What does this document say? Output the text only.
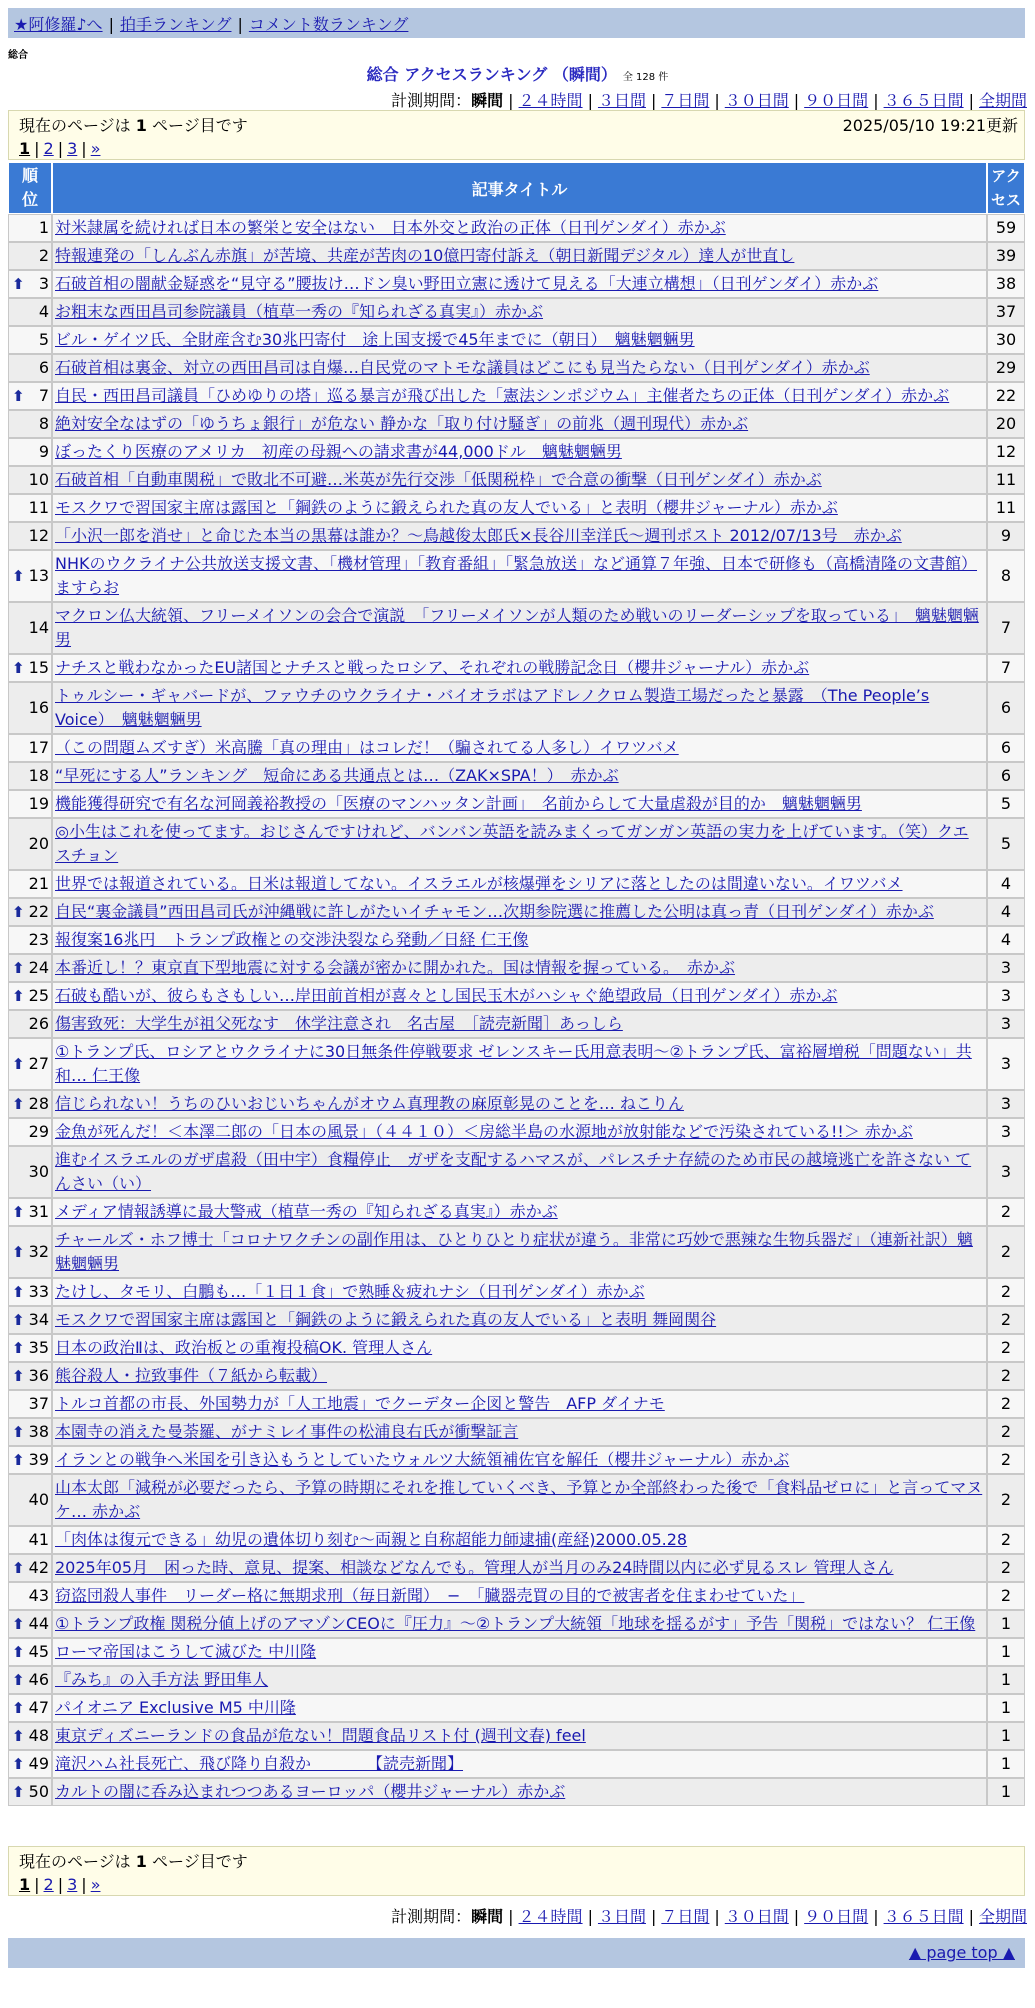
★阿修羅♪へ | 拍手ランキング | コメント数ランキング
総合
総合 アクセスランキング （瞬間） 全 128 件
計測期間：瞬間 | ２４時間 | ３日間 | ７日間 | ３０日間 | ９０日間 | ３６５日間 | 全期間
現在のページは 1 ページ目です	2025/05/10 19:21更新
1 | 2 | 3 | »
順位	記事タイトル	アクセス
1	対米隷属を続ければ日本の繁栄と安全はない　日本外交と政治の正体（日刊ゲンダイ）赤かぶ	59
2	特報連発の「しんぶん赤旗」が苦境、共産が苦肉の10億円寄付訴え（朝日新聞デジタル）達人が世直し	39

⬆ 3	石破首相の闇献金疑惑を“見守る”腰抜け…ドン臭い野田立憲に透けて見える「大連立構想」（日刊ゲンダイ）赤かぶ	38
4	お粗末な西田昌司参院議員（植草一秀の『知られざる真実』）赤かぶ	37
5	ビル・ゲイツ氏、全財産含む30兆円寄付　途上国支援で45年までに（朝日）　魑魅魍魎男	30
6	石破首相は裏金、対立の西田昌司は自爆…自民党のマトモな議員はどこにも見当たらない（日刊ゲンダイ）赤かぶ	29

⬆ 7	自民・西田昌司議員「ひめゆりの塔」巡る暴言が飛び出した「憲法シンポジウム」主催者たちの正体（日刊ゲンダイ）赤かぶ	22
8	絶対安全なはずの「ゆうちょ銀行」が危ない 静かな「取り付け騒ぎ」の前兆（週刊現代）赤かぶ	20
9	ぼったくり医療のアメリカ　初産の母親への請求書が44,000ドル　魑魅魍魎男	12
10	石破首相「自動車関税」で敗北不可避…米英が先行交渉「低関税枠」で合意の衝撃（日刊ゲンダイ）赤かぶ	11
11	モスクワで習国家主席は露国と「鋼鉄のように鍛えられた真の友人でいる」と表明（櫻井ジャーナル）赤かぶ	11
12	「小沢一郎を消せ」と命じた本当の黒幕は誰か？〜鳥越俊太郎氏×長谷川幸洋氏〜週刊ポスト 2012/07/13号　赤かぶ	9

⬆ 13	NHKのウクライナ公共放送支援文書、「機材管理」「教育番組」「緊急放送」など通算７年強、日本で研修も（高橋清隆の文書館）ますらお	8
14	マクロン仏大統領、フリーメイソンの会合で演説　「フリーメイソンが人類のため戦いのリーダーシップを取っている」　魑魅魍魎男	7

⬆ 15	ナチスと戦わなかったEU諸国とナチスと戦ったロシア、それぞれの戦勝記念日（櫻井ジャーナル）赤かぶ	7
16	トゥルシー・ギャバードが、ファウチのウクライナ・バイオラボはアドレノクロム製造工場だったと暴露　（The People’s Voice）　魑魅魍魎男	6
17	（この問題ムズすぎ）米高騰「真の理由」はコレだ！（騙されてる人多し）イワツバメ	6
18	“早死にする人”ランキング　短命にある共通点とは…（ZAK×SPA！）　赤かぶ	6
19	機能獲得研究で有名な河岡義裕教授の「医療のマンハッタン計画」　名前からして大量虐殺が目的か　魑魅魍魎男	5
20	◎小生はこれを使ってます。おじさんですけれど、バンバン英語を読みまくってガンガン英語の実力を上げています。（笑）クエスチョン	5
21	世界では報道されている。日米は報道してない。イスラエルが核爆弾をシリアに落としたのは間違いない。イワツバメ	4

⬆ 22	自民“裏金議員”西田昌司氏が沖縄戦に許しがたいイチャモン…次期参院選に推薦した公明は真っ青（日刊ゲンダイ）赤かぶ	4
23	報復案16兆円　トランプ政権との交渉決裂なら発動／日経 仁王像	4

⬆ 24	本番近し！？東京直下型地震に対する会議が密かに開かれた。国は情報を握っている。　赤かぶ	3

⬆ 25	石破も酷いが、彼らもさもしい…岸田前首相が喜々とし国民玉木がハシャぐ絶望政局（日刊ゲンダイ）赤かぶ	3
26	傷害致死：大学生が祖父死なす　休学注意され　名古屋　［読売新聞］あっしら	3

⬆ 27	①トランプ氏、ロシアとウクライナに30日無条件停戦要求 ゼレンスキー氏用意表明〜②トランプ氏、富裕層増税「問題ない」共和… 仁王像	3

⬆ 28	信じられない！うちのひいおじいちゃんがオウム真理教の麻原彰晃のことを… ねこりん	3
29	金魚が死んだ！＜本澤二郎の「日本の風景」（４４１０）＜房総半島の水源地が放射能などで汚染されている!!＞ 赤かぶ	3
30	進むイスラエルのガザ虐殺（田中宇）食糧停止　ガザを支配するハマスが、パレスチナ存続のため市民の越境逃亡を許さない てんさい（い）	3

⬆ 31	メディア情報誘導に最大警戒（植草一秀の『知られざる真実』）赤かぶ	2

⬆ 32	チャールズ・ホフ博士「コロナワクチンの副作用は、ひとりひとり症状が違う。非常に巧妙で悪辣な生物兵器だ」（連新社訳）魑魅魍魎男	2

⬆ 33	たけし、タモリ、白鵬も…「１日１食」で熟睡＆疲れナシ（日刊ゲンダイ）赤かぶ	2

⬆ 34	モスクワで習国家主席は露国と「鋼鉄のように鍛えられた真の友人でいる」と表明 舞岡関谷	2

⬆ 35	日本の政治Ⅱは、政治板との重複投稿OK. 管理人さん	2

⬆ 36	熊谷殺人・拉致事件（７紙から転載）	2
37	トルコ首都の市長、外国勢力が「人工地震」でクーデター企図と警告　AFP ダイナモ	2

⬆ 38	本園寺の消えた曼荼羅、がナミレイ事件の松浦良右氏が衝撃証言	2

⬆ 39	イランとの戦争へ米国を引き込もうとしていたウォルツ大統領補佐官を解任（櫻井ジャーナル）赤かぶ	2
40	山本太郎「減税が必要だったら、予算の時期にそれを推していくべき、予算とか全部終わった後で「食料品ゼロに」と言ってマヌケ… 赤かぶ	2
41	「肉体は復元できる」幼児の遺体切り刻む〜両親と自称超能力師逮捕(産経)2000.05.28	2

⬆ 42	2025年05月　困った時、意見、提案、相談などなんでも。管理人が当月のみ24時間以内に必ず見るスレ 管理人さん	2
43	窃盗団殺人事件　リーダー格に無期求刑（毎日新聞）　−　「臓器売買の目的で被害者を住まわせていた」	2

⬆ 44	①トランプ政権 関税分値上げのアマゾンCEOに『圧力』〜②トランプ大統領「地球を揺るがす」予告「関税」ではない？ 仁王像	1

⬆ 45	ローマ帝国はこうして滅びた 中川隆	1

⬆ 46	『みち』の入手方法 野田隼人	1

⬆ 47	パイオニア Exclusive M5 中川隆	1

⬆ 48	東京ディズニーランドの食品が危ない！問題食品リスト付 (週刊文春) feel	1

⬆ 49	滝沢ハム社長死亡、飛び降り自殺か　　　　【読売新聞】	1

⬆ 50	カルトの闇に呑み込まれつつあるヨーロッパ（櫻井ジャーナル）赤かぶ	1
現在のページは 1 ページ目です
1 | 2 | 3 | »
計測期間：瞬間 | ２４時間 | ３日間 | ７日間 | ３０日間 | ９０日間 | ３６５日間 | 全期間
▲ page top ▲
